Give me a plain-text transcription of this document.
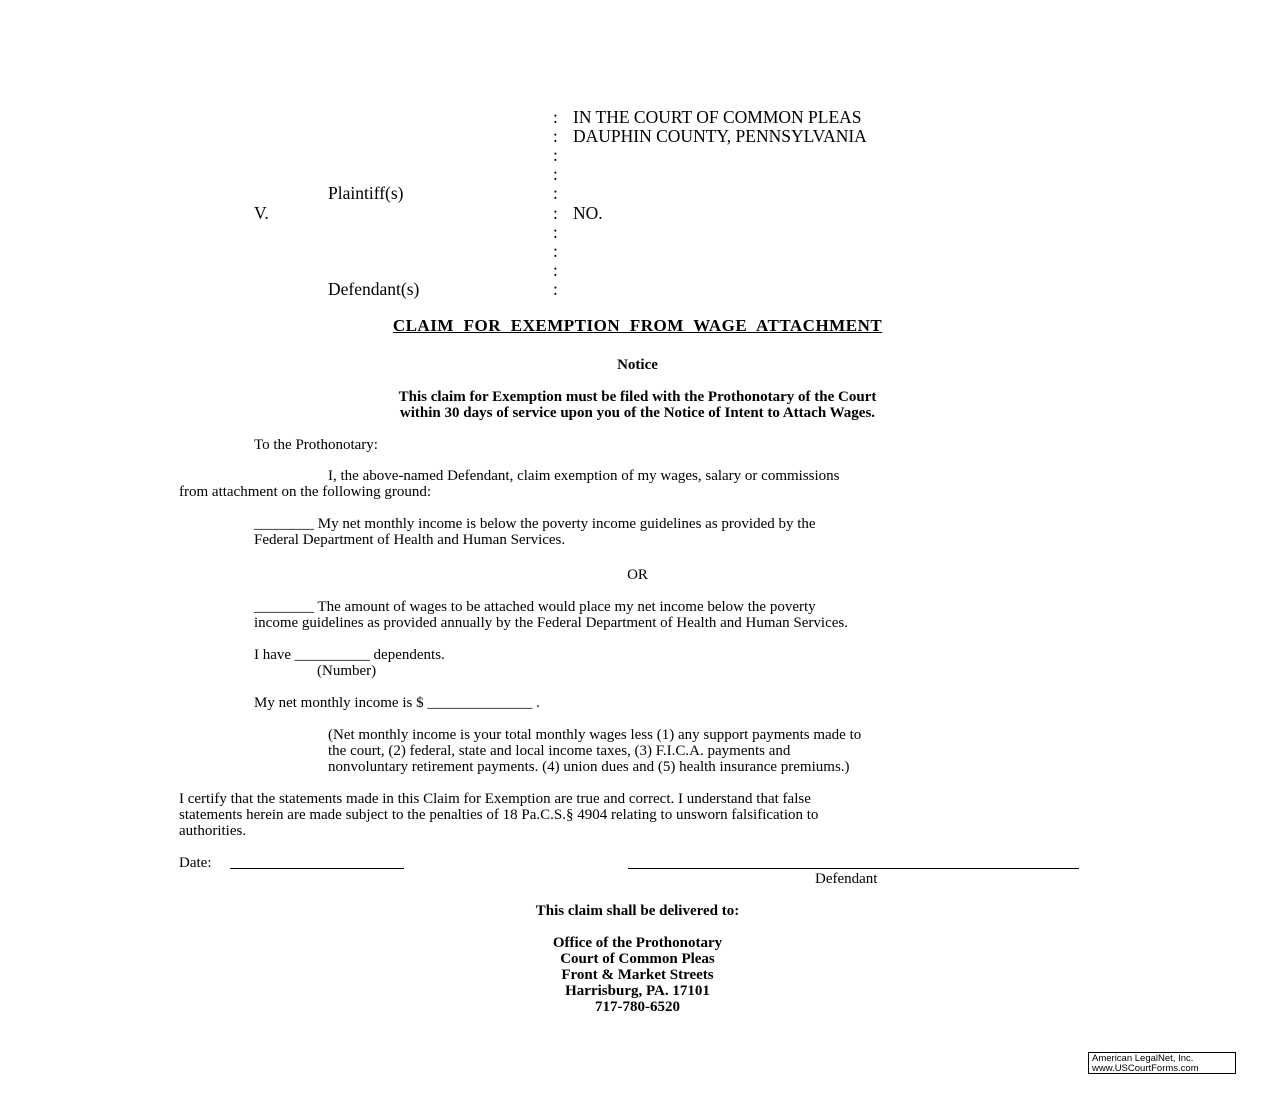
: IN THE COURT OF COMMON PLEAS
: DAUPHIN COUNTY, PENNSYLVANIA
:
:
:
Plaintiff(s)
V.	: NO.
:
:
:
:
Defendant(s)
CLAIM FOR EXEMPTION FROM WAGE ATTACHMENT
Notice
This claim for Exemption must be filed with the Prothonotary of the Court
within 30 days of service upon you of the Notice of Intent to Attach Wages.
To the Prothonotary:
I, the above-named Defendant, claim exemption of my wages, salary or commissions
from attachment on the following ground:
________ My net monthly income is below the poverty income guidelines as provided by the
Federal Department of Health and Human Services.
OR
________ The amount of wages to be attached would place my net income below the poverty
income guidelines as provided annually by the Federal Department of Health and Human Services.
I have __________ dependents.
(Number)
My net monthly income is $ ______________ .
(Net monthly income is your total monthly wages less (1) any support payments made to
the court, (2) federal, state and local income taxes, (3) F.I.C.A. payments and
nonvoluntary retirement payments. (4) union dues and (5) health insurance premiums.)
I certify that the statements made in this Claim for Exemption are true and correct. I understand that false
statements herein are made subject to the penalties of 18 Pa.C.S.§ 4904 relating to unsworn falsification to
authorities.
Date:
Defendant
This claim shall be delivered to:
Office of the Prothonotary
Court of Common Pleas
Front & Market Streets
Harrisburg, PA. 17101
717-780-6520
American LegalNet, Inc.
www.USCourtForms.com
